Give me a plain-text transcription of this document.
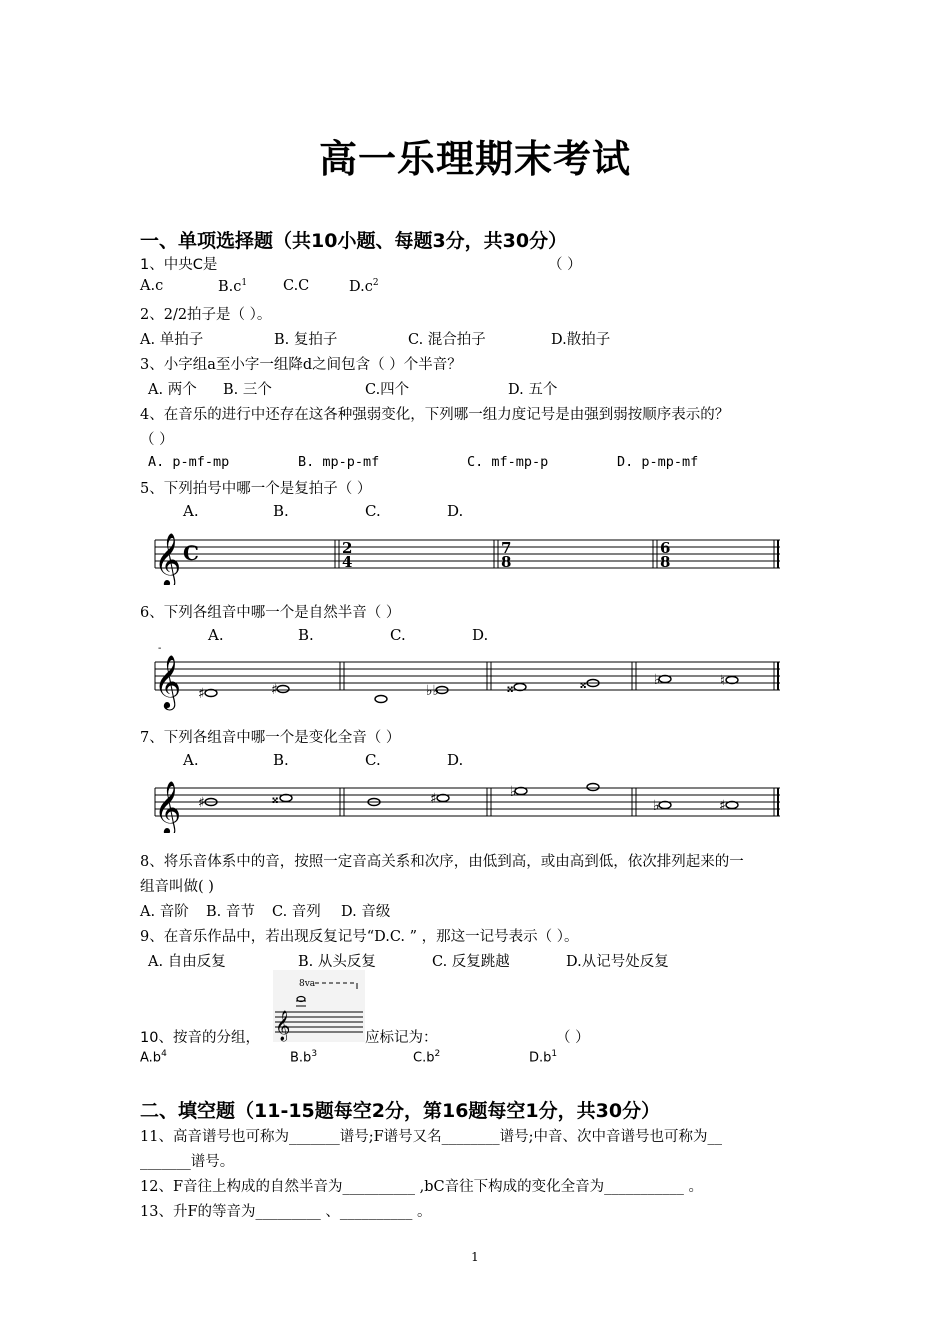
高一乐理期末考试
一、单项选择题（共10小题、每题3分，共30分）
1、中央C是	（ ）
A.c	$B.c^1$ C.C	$D.c^2$
2、2/2拍子是（ ）。
A. 单拍子	B. 复拍子	C. 混合拍子	D.散拍子
3、小字组a至小字一组降d之间包含（ ）个半音？
A. 两个 B. 三个	C.四个	D. 五个
4、在音乐的进行中还存在这各种强弱变化，下列哪一组力度记号是由强到弱按顺序表示的？
（ ）
A. p-mf-mp	B. mp-p-mf	C. mf-mp-p	D. p-mp-mf
5、下列拍号中哪一个是复拍子（ ）
A.	B.	C.	D.
𝄞 C	2
4
7
8
6
8
6、下列各组音中哪一个是自然半音（ ）
A.	B.	C.	D.
-
𝄞 ♯	♯	♭♭	𝄪	𝄪	♭	♮
7、下列各组音中哪一个是变化全音（ ）
A.	B.	C.	D.
𝄞 ♯	𝄪	♯	♭
♭	♯
8、将乐音体系中的音，按照一定音高关系和次序，由低到高，或由高到低，依次排列起来的一
组音叫做( )
A. 音阶 B. 音节 C. 音列 D. 音级
9、在音乐作品中，若出现反复记号“D.C. ” ，那这一记号表示（ ）。
A. 自由反复	B. 从头反复	C. 反复跳越	D.从记号处反复
10、按音的分组， 𝄞
8va
应标记为：	（ ）
$A.b^4$	$B.b^3$	$C.b^2$	$D.b^1$
二、填空题（11-15题每空2分，第16题每空1分，共30分）
11、高音谱号也可称为_______谱号;F谱号又名________谱号;中音、次中音谱号也可称为__
_______谱号。
12、F音往上构成的自然半音为__________ ,bC音往下构成的变化全音为___________ 。
13、升F的等音为_________ 、__________ 。
1
